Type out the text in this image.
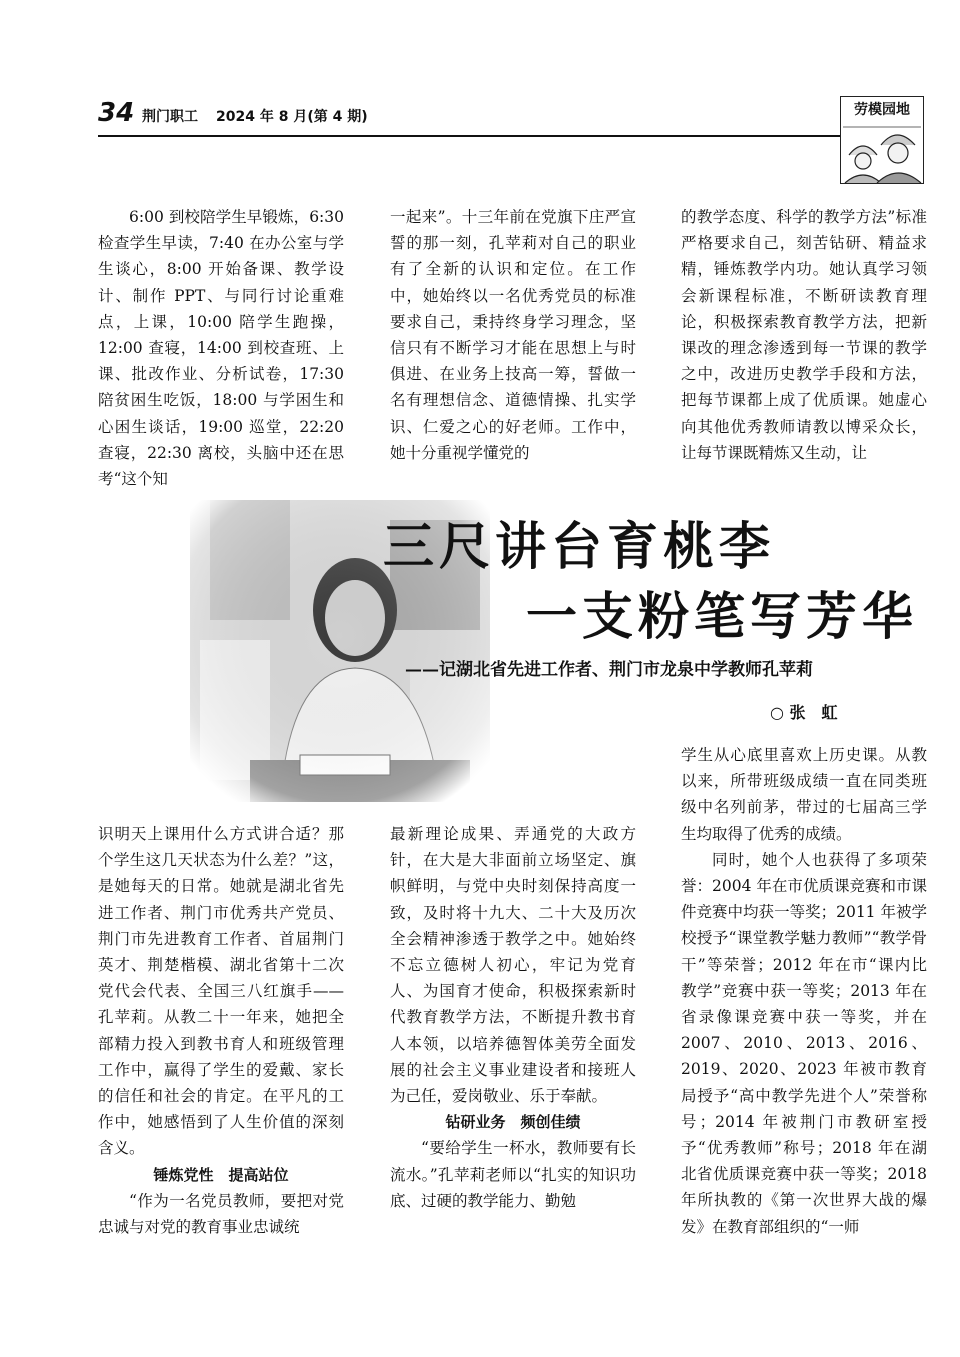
34 荆门职工 2024 年 8 月(第 4 期)	劳模园地

6:00 到校陪学生早锻炼，6:30 检查学生早读，7:40 在办公室与学生谈心，8:00 开始备课、教学设计、制作 PPT、与同行讨论重难点，上课，10:00 陪学生跑操，12:00 查寝，14:00 到校查班、上课、批改作业、分析试卷，17:30 陪贫困生吃饭，18:00 与学困生和心困生谈话，19:00 巡堂，22:20 查寝，22:30 离校，头脑中还在思考“这个知

一起来”。十三年前在党旗下庄严宣誓的那一刻，孔苹莉对自己的职业有了全新的认识和定位。在工作中，她始终以一名优秀党员的标准要求自己，秉持终身学习理念，坚信只有不断学习才能在思想上与时俱进、在业务上技高一筹，誓做一名有理想信念、道德情操、扎实学识、仁爱之心的好老师。工作中，她十分重视学懂党的

的教学态度、科学的教学方法”标准严格要求自己，刻苦钻研、精益求精，锤炼教学内功。她认真学习领会新课程标准，不断研读教育理论，积极探索教育教学方法，把新课改的理念渗透到每一节课的教学之中，改进历史教学手段和方法，把每节课都上成了优质课。她虚心向其他优秀教师请教以博采众长，让每节课既精炼又生动，让

三尺讲台育桃李
一支粉笔写芳华
——记湖北省先进工作者、荆门市龙泉中学教师孔苹莉
○ 张　虹

识明天上课用什么方式讲合适？那个学生这几天状态为什么差？”这，是她每天的日常。她就是湖北省先进工作者、荆门市优秀共产党员、荆门市先进教育工作者、首届荆门英才、荆楚楷模、湖北省第十二次党代会代表、全国三八红旗手——孔苹莉。从教二十一年来，她把全部精力投入到教书育人和班级管理工作中，赢得了学生的爱戴、家长的信任和社会的肯定。在平凡的工作中，她感悟到了人生价值的深刻含义。

锤炼党性　提高站位

“作为一名党员教师，要把对党忠诚与对党的教育事业忠诚统

最新理论成果、弄通党的大政方针，在大是大非面前立场坚定、旗帜鲜明，与党中央时刻保持高度一致，及时将十九大、二十大及历次全会精神渗透于教学之中。她始终不忘立德树人初心，牢记为党育人、为国育才使命，积极探索新时代教育教学方法，不断提升教书育人本领，以培养德智体美劳全面发展的社会主义事业建设者和接班人为己任，爱岗敬业、乐于奉献。

钻研业务　频创佳绩

“要给学生一杯水，教师要有长流水。”孔苹莉老师以“扎实的知识功底、过硬的教学能力、勤勉

学生从心底里喜欢上历史课。从教以来，所带班级成绩一直在同类班级中名列前茅，带过的七届高三学生均取得了优秀的成绩。

同时，她个人也获得了多项荣誉：2004 年在市优质课竞赛和市课件竞赛中均获一等奖；2011 年被学校授予“课堂教学魅力教师”“教学骨干”等荣誉；2012 年在市“课内比教学”竞赛中获一等奖；2013 年在省录像课竞赛中获一等奖，并在 2007、2010、2013、2016、2019、2020、2023 年被市教育局授予“高中教学先进个人”荣誉称号；2014 年被荆门市教研室授予“优秀教师”称号；2018 年在湖北省优质课竞赛中获一等奖；2018 年所执教的《第一次世界大战的爆发》在教育部组织的“一师
